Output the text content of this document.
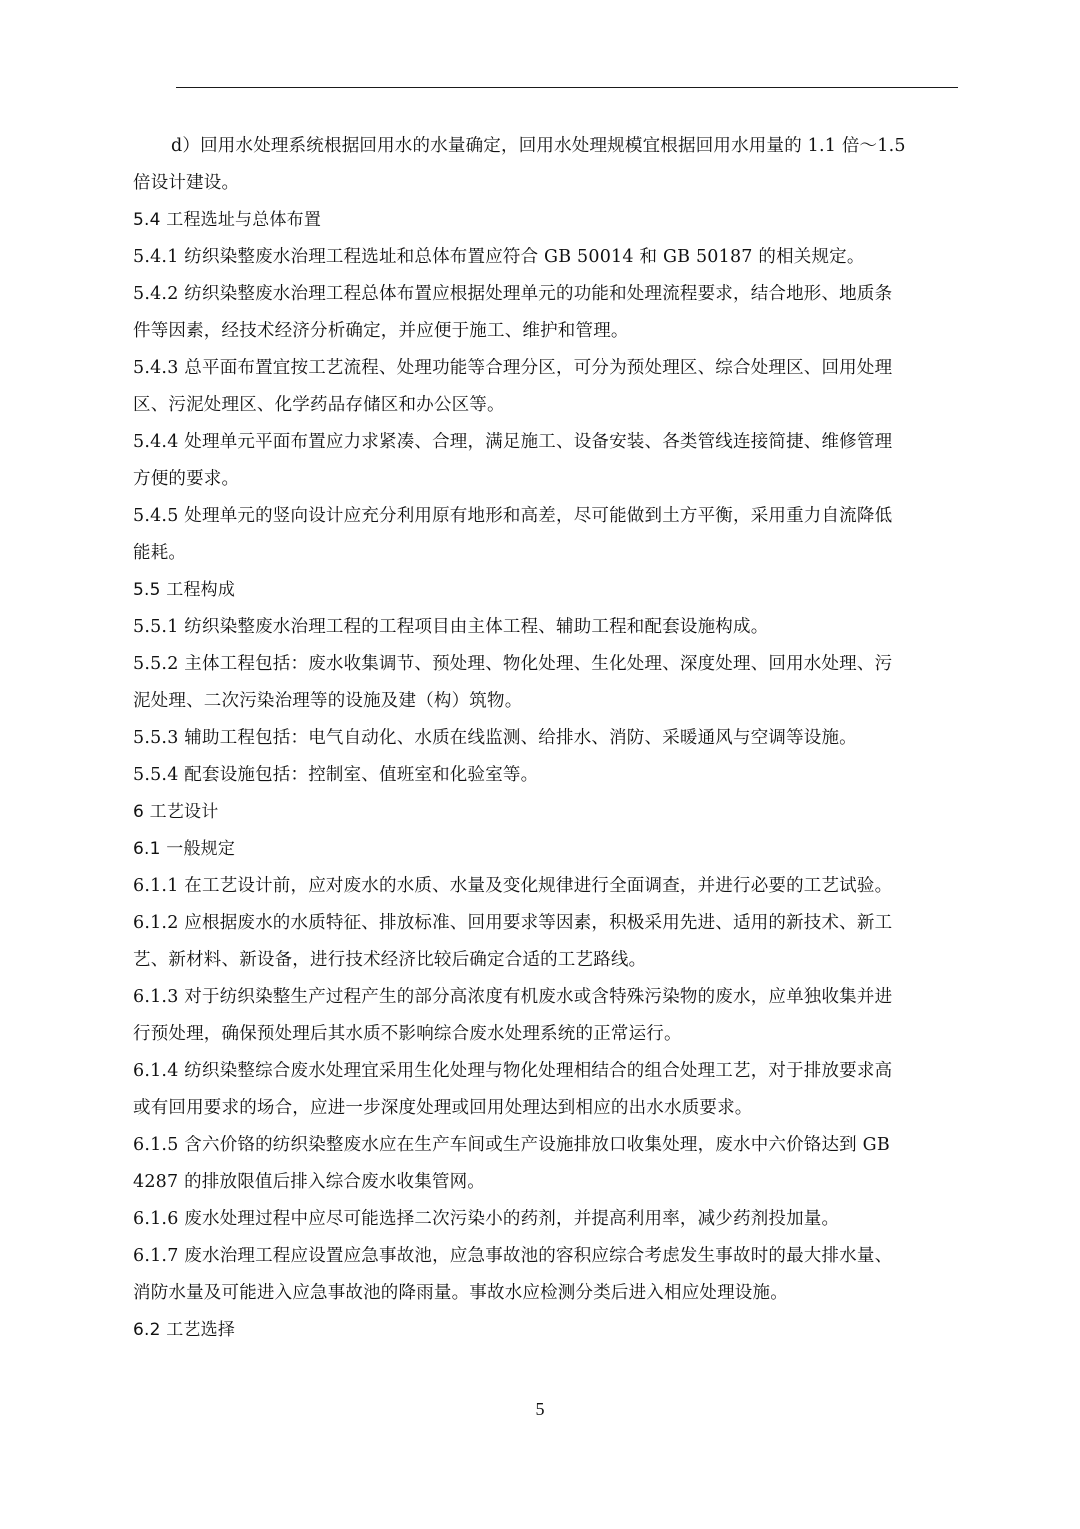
d）回用水处理系统根据回用水的水量确定，回用水处理规模宜根据回用水用量的 1.1 倍～1.5
倍设计建设。
5.4 工程选址与总体布置
5.4.1 纺织染整废水治理工程选址和总体布置应符合 GB 50014 和 GB 50187 的相关规定。
5.4.2 纺织染整废水治理工程总体布置应根据处理单元的功能和处理流程要求，结合地形、地质条
件等因素，经技术经济分析确定，并应便于施工、维护和管理。
5.4.3 总平面布置宜按工艺流程、处理功能等合理分区，可分为预处理区、综合处理区、回用处理
区、污泥处理区、化学药品存储区和办公区等。
5.4.4 处理单元平面布置应力求紧凑、合理，满足施工、设备安装、各类管线连接简捷、维修管理
方便的要求。
5.4.5 处理单元的竖向设计应充分利用原有地形和高差，尽可能做到土方平衡，采用重力自流降低
能耗。
5.5 工程构成
5.5.1 纺织染整废水治理工程的工程项目由主体工程、辅助工程和配套设施构成。
5.5.2 主体工程包括：废水收集调节、预处理、物化处理、生化处理、深度处理、回用水处理、污
泥处理、二次污染治理等的设施及建（构）筑物。
5.5.3 辅助工程包括：电气自动化、水质在线监测、给排水、消防、采暖通风与空调等设施。
5.5.4 配套设施包括：控制室、值班室和化验室等。
6 工艺设计
6.1 一般规定
6.1.1 在工艺设计前，应对废水的水质、水量及变化规律进行全面调查，并进行必要的工艺试验。
6.1.2 应根据废水的水质特征、排放标准、回用要求等因素，积极采用先进、适用的新技术、新工
艺、新材料、新设备，进行技术经济比较后确定合适的工艺路线。
6.1.3 对于纺织染整生产过程产生的部分高浓度有机废水或含特殊污染物的废水，应单独收集并进
行预处理，确保预处理后其水质不影响综合废水处理系统的正常运行。
6.1.4 纺织染整综合废水处理宜采用生化处理与物化处理相结合的组合处理工艺，对于排放要求高
或有回用要求的场合，应进一步深度处理或回用处理达到相应的出水水质要求。
6.1.5 含六价铬的纺织染整废水应在生产车间或生产设施排放口收集处理，废水中六价铬达到 GB
4287 的排放限值后排入综合废水收集管网。
6.1.6 废水处理过程中应尽可能选择二次污染小的药剂，并提高利用率，减少药剂投加量。
6.1.7 废水治理工程应设置应急事故池，应急事故池的容积应综合考虑发生事故时的最大排水量、
消防水量及可能进入应急事故池的降雨量。事故水应检测分类后进入相应处理设施。
6.2 工艺选择
5
